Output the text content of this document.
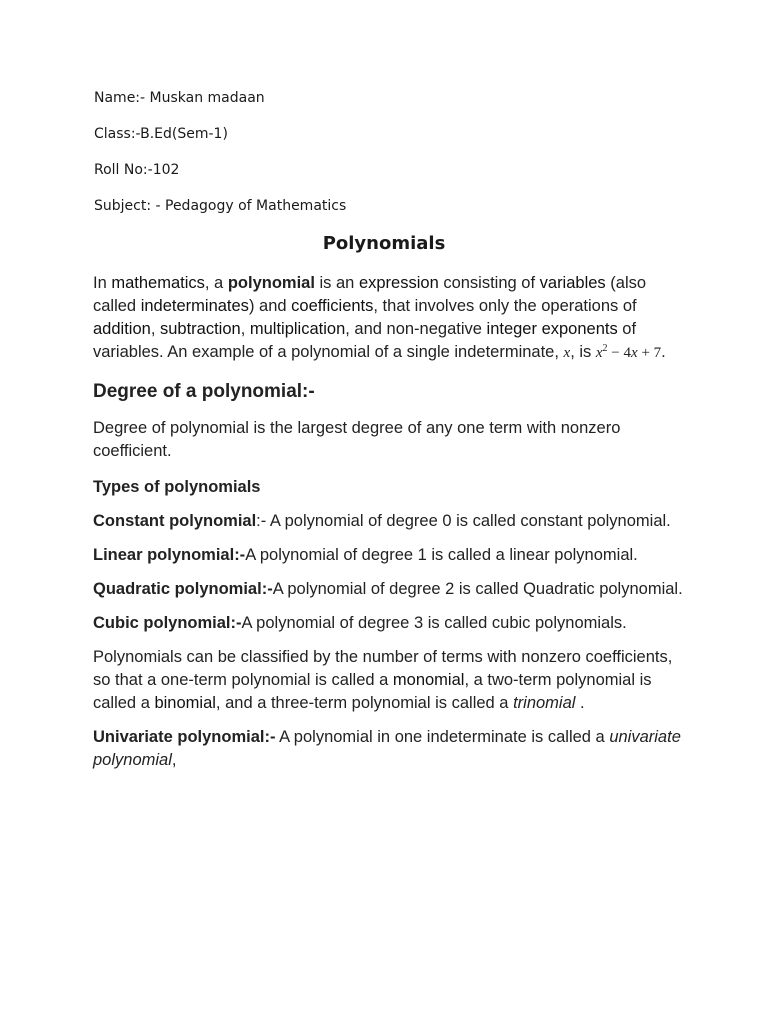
Name:- Muskan madaan
Class:-B.Ed(Sem-1)
Roll No:-102
Subject: - Pedagogy of Mathematics
Polynomials

In mathematics, a polynomial is an expression consisting of variables (also called indeterminates) and coefficients, that involves only the operations of addition, subtraction, multiplication, and non-negative integer exponents of variables. An example of a polynomial of a single indeterminate, x, is $x^2 - 4x + 7$.

Degree of a polynomial:-

Degree of polynomial is the largest degree of any one term with nonzero coefficient.

Types of polynomials

Constant polynomial:- A polynomial of degree 0 is called constant polynomial.

Linear polynomial:-A polynomial of degree 1 is called a linear polynomial.

Quadratic polynomial:-A polynomial of degree 2 is called Quadratic polynomial.

Cubic polynomial:-A polynomial of degree 3 is called cubic polynomials.

Polynomials can be classified by the number of terms with nonzero coefficients, so that a one-term polynomial is called a monomial, a two-term polynomial is called a binomial, and a three-term polynomial is called a trinomial .

Univariate polynomial:- A polynomial in one indeterminate is called a univariate polynomial,
